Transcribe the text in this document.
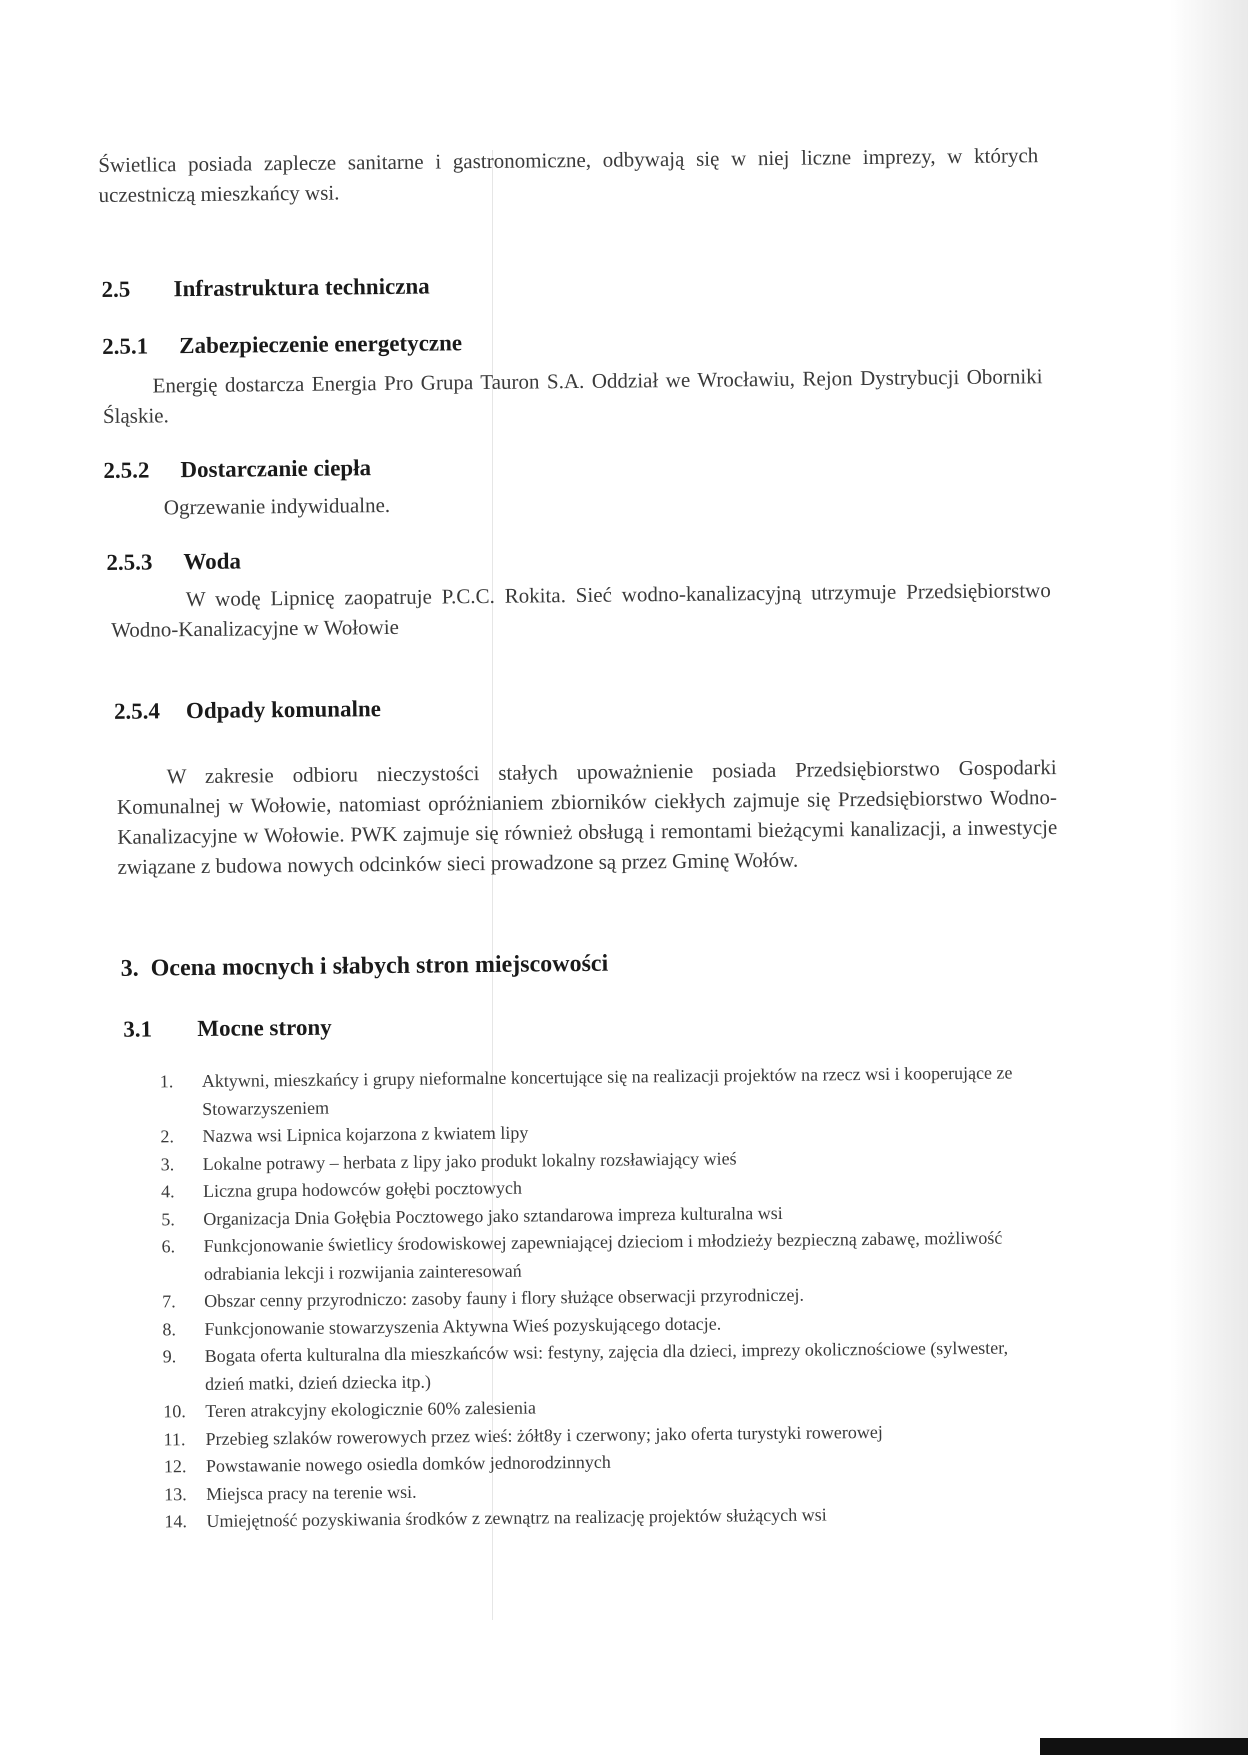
Świetlica posiada zaplecze sanitarne i gastronomiczne, odbywają się w niej liczne imprezy, w których uczestniczą mieszkańcy wsi.

2.5 Infrastruktura techniczna
2.5.1 Zabezpieczenie energetyczne

Energię dostarcza Energia Pro Grupa Tauron S.A. Oddział we Wrocławiu, Rejon Dystrybucji Oborniki Śląskie.

2.5.2 Dostarczanie ciepła

Ogrzewanie indywidualne.

2.5.3 Woda

W wodę Lipnicę zaopatruje P.C.C. Rokita. Sieć wodno-kanalizacyjną utrzymuje Przedsiębiorstwo Wodno-Kanalizacyjne w Wołowie

2.5.4 Odpady komunalne

W zakresie odbioru nieczystości stałych upoważnienie posiada Przedsiębiorstwo Gospodarki Komunalnej w Wołowie, natomiast opróżnianiem zbiorników ciekłych zajmuje się Przedsiębiorstwo Wodno-Kanalizacyjne w Wołowie. PWK zajmuje się również obsługą i remontami bieżącymi kanalizacji, a inwestycje związane z budowa nowych odcinków sieci prowadzone są przez Gminę Wołów.

3. Ocena mocnych i słabych stron miejscowości
3.1 Mocne strony
1.	Aktywni, mieszkańcy i grupy nieformalne koncertujące się na realizacji projektów na rzecz wsi i kooperujące ze Stowarzyszeniem
2.	Nazwa wsi Lipnica kojarzona z kwiatem lipy
3.	Lokalne potrawy – herbata z lipy jako produkt lokalny rozsławiający wieś
4.	Liczna grupa hodowców gołębi pocztowych
5.	Organizacja Dnia Gołębia Pocztowego jako sztandarowa impreza kulturalna wsi
6.	Funkcjonowanie świetlicy środowiskowej zapewniającej dzieciom i młodzieży bezpieczną zabawę, możliwość odrabiania lekcji i rozwijania zainteresowań
7.	Obszar cenny przyrodniczo: zasoby fauny i flory służące obserwacji przyrodniczej.
8.	Funkcjonowanie stowarzyszenia Aktywna Wieś pozyskującego dotacje.
9.	Bogata oferta kulturalna dla mieszkańców wsi: festyny, zajęcia dla dzieci, imprezy okolicznościowe (sylwester, dzień matki, dzień dziecka itp.)
10.	Teren atrakcyjny ekologicznie 60% zalesienia
11.	Przebieg szlaków rowerowych przez wieś: żółt8y i czerwony; jako oferta turystyki rowerowej
12.	Powstawanie nowego osiedla domków jednorodzinnych
13.	Miejsca pracy na terenie wsi.
14.	Umiejętność pozyskiwania środków z zewnątrz na realizację projektów służących wsi
